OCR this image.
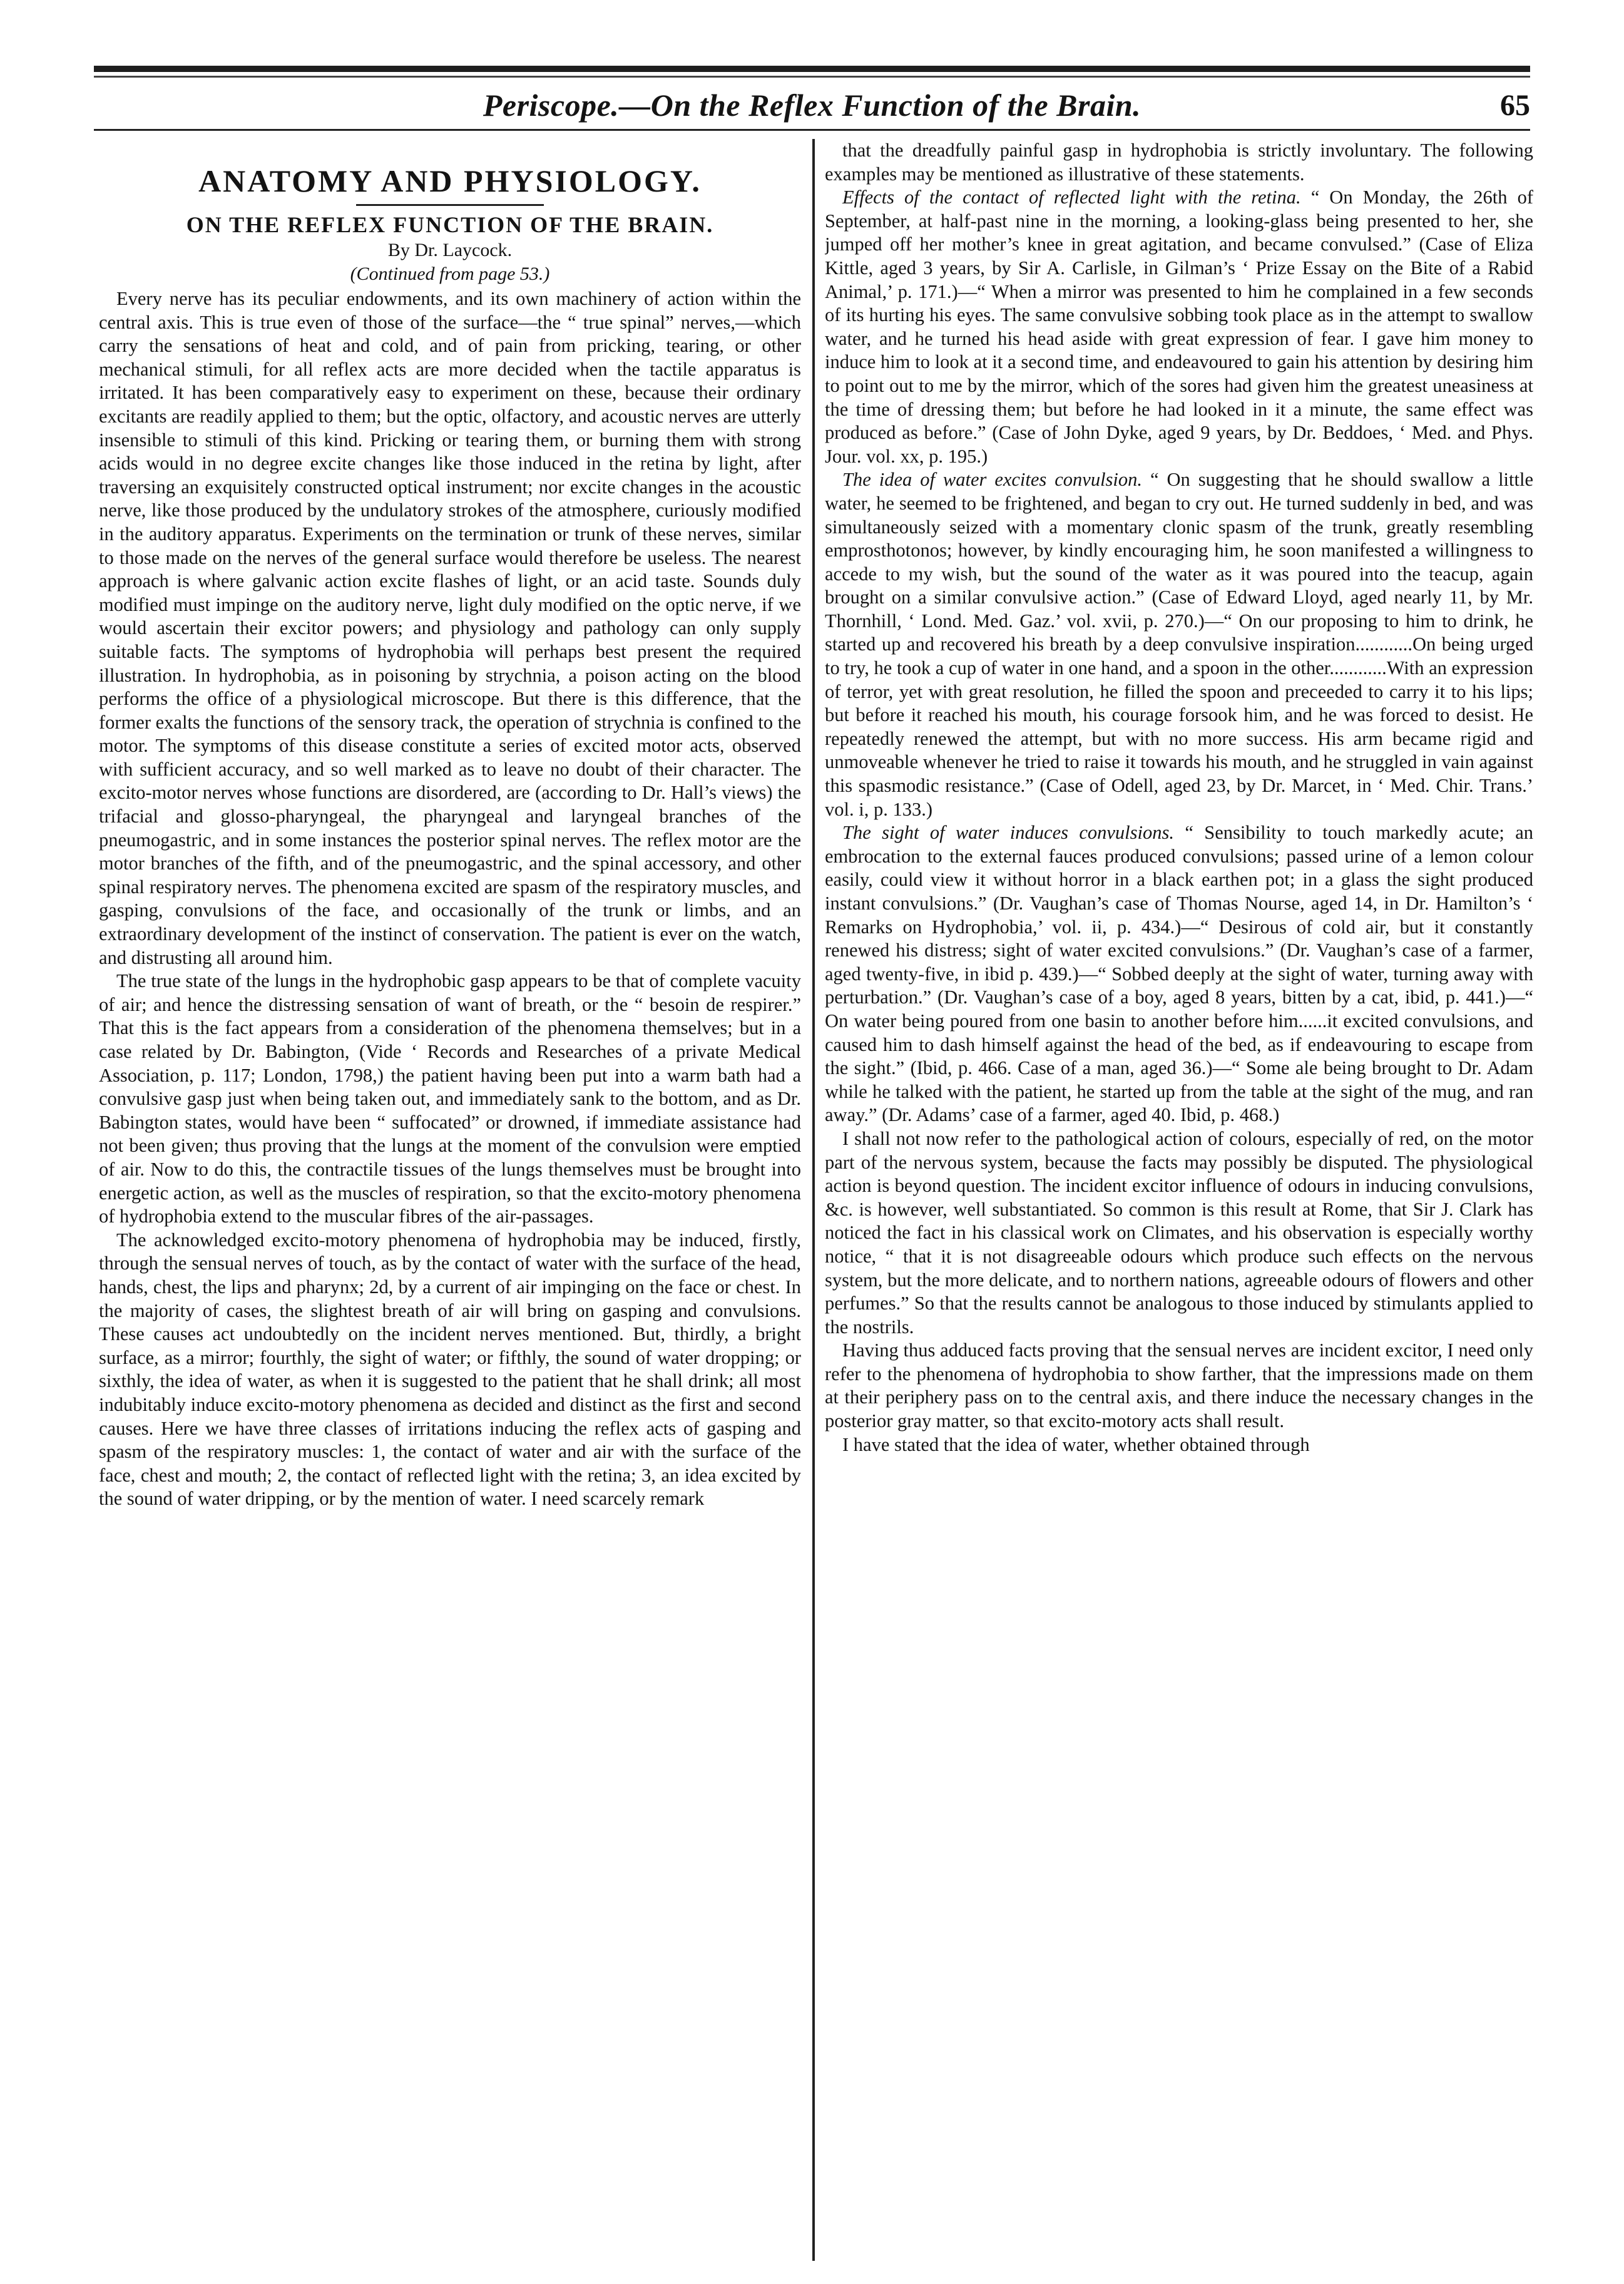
Periscope.—On the Reflex Function of the Brain.	65
ANATOMY AND PHYSIOLOGY.
ON THE REFLEX FUNCTION OF THE BRAIN.
By Dr. Laycock.
(Continued from page 53.)

Every nerve has its peculiar endowments, and its own machinery of action within the central axis. This is true even of those of the surface—the “ true spinal” nerves,—which carry the sensations of heat and cold, and of pain from pricking, tearing, or other mechanical stimuli, for all reflex acts are more decided when the tactile apparatus is irritated. It has been comparatively easy to experiment on these, because their ordinary excitants are readily applied to them; but the optic, olfactory, and acoustic nerves are utterly insensible to stimuli of this kind. Pricking or tearing them, or burning them with strong acids would in no degree excite changes like those induced in the retina by light, after traversing an exquisitely constructed optical instrument; nor excite changes in the acoustic nerve, like those produced by the undulatory strokes of the atmosphere, curiously modified in the auditory apparatus. Experiments on the termination or trunk of these nerves, similar to those made on the nerves of the general surface would therefore be useless. The nearest approach is where galvanic action excite flashes of light, or an acid taste. Sounds duly modified must impinge on the auditory nerve, light duly modified on the optic nerve, if we would ascertain their excitor powers; and physiology and pathology can only supply suitable facts. The symptoms of hydrophobia will perhaps best present the required illustration. In hydrophobia, as in poisoning by strychnia, a poison acting on the blood performs the office of a physiological microscope. But there is this difference, that the former exalts the functions of the sensory track, the operation of strychnia is confined to the motor. The symptoms of this disease constitute a series of excited motor acts, observed with sufficient accuracy, and so well marked as to leave no doubt of their character. The excito-motor nerves whose functions are disordered, are (according to Dr. Hall’s views) the trifacial and glosso-pharyngeal, the pharyngeal and laryngeal branches of the pneumogastric, and in some instances the posterior spinal nerves. The reflex motor are the motor branches of the fifth, and of the pneumogastric, and the spinal accessory, and other spinal respiratory nerves. The phenomena excited are spasm of the respiratory muscles, and gasping, convulsions of the face, and occasionally of the trunk or limbs, and an extraordinary development of the instinct of conservation. The patient is ever on the watch, and distrusting all around him.

The true state of the lungs in the hydrophobic gasp appears to be that of complete vacuity of air; and hence the distressing sensation of want of breath, or the “ besoin de respirer.” That this is the fact appears from a consideration of the phenomena themselves; but in a case related by Dr. Babington, (Vide ‘ Records and Researches of a private Medical Association, p. 117; London, 1798,) the patient having been put into a warm bath had a convulsive gasp just when being taken out, and immediately sank to the bottom, and as Dr. Babington states, would have been “ suffocated” or drowned, if immediate assistance had not been given; thus proving that the lungs at the moment of the convulsion were emptied of air. Now to do this, the contractile tissues of the lungs themselves must be brought into energetic action, as well as the muscles of respiration, so that the excito-motory phenomena of hydrophobia extend to the muscular fibres of the air-passages.

The acknowledged excito-motory phenomena of hydrophobia may be induced, firstly, through the sensual nerves of touch, as by the contact of water with the surface of the head, hands, chest, the lips and pharynx; 2d, by a current of air impinging on the face or chest. In the majority of cases, the slightest breath of air will bring on gasping and convulsions. These causes act undoubtedly on the incident nerves mentioned. But, thirdly, a bright surface, as a mirror; fourthly, the sight of water; or fifthly, the sound of water dropping; or sixthly, the idea of water, as when it is suggested to the patient that he shall drink; all most indubitably induce excito-motory phenomena as decided and distinct as the first and second causes. Here we have three classes of irritations inducing the reflex acts of gasping and spasm of the respiratory muscles: 1, the contact of water and air with the surface of the face, chest and mouth; 2, the contact of reflected light with the retina; 3, an idea excited by the sound of water dripping, or by the mention of water. I need scarcely remark

that the dreadfully painful gasp in hydrophobia is strictly involuntary. The following examples may be mentioned as illustrative of these statements.

Effects of the contact of reflected light with the retina. “ On Monday, the 26th of September, at half-past nine in the morning, a looking-glass being presented to her, she jumped off her mother’s knee in great agitation, and became convulsed.” (Case of Eliza Kittle, aged 3 years, by Sir A. Carlisle, in Gilman’s ‘ Prize Essay on the Bite of a Rabid Animal,’ p. 171.)—“ When a mirror was presented to him he complained in a few seconds of its hurting his eyes. The same convulsive sobbing took place as in the attempt to swallow water, and he turned his head aside with great expression of fear. I gave him money to induce him to look at it a second time, and endeavoured to gain his attention by desiring him to point out to me by the mirror, which of the sores had given him the greatest uneasiness at the time of dressing them; but before he had looked in it a minute, the same effect was produced as before.” (Case of John Dyke, aged 9 years, by Dr. Beddoes, ‘ Med. and Phys. Jour. vol. xx, p. 195.)

The idea of water excites convulsion. “ On suggesting that he should swallow a little water, he seemed to be frightened, and began to cry out. He turned suddenly in bed, and was simultaneously seized with a momentary clonic spasm of the trunk, greatly resembling emprosthotonos; however, by kindly encouraging him, he soon manifested a willingness to accede to my wish, but the sound of the water as it was poured into the teacup, again brought on a similar convulsive action.” (Case of Edward Lloyd, aged nearly 11, by Mr. Thornhill, ‘ Lond. Med. Gaz.’ vol. xvii, p. 270.)—“ On our proposing to him to drink, he started up and recovered his breath by a deep convulsive inspiration............On being urged to try, he took a cup of water in one hand, and a spoon in the other............With an expression of terror, yet with great resolution, he filled the spoon and preceeded to carry it to his lips; but before it reached his mouth, his courage forsook him, and he was forced to desist. He repeatedly renewed the attempt, but with no more success. His arm became rigid and unmoveable whenever he tried to raise it towards his mouth, and he struggled in vain against this spasmodic resistance.” (Case of Odell, aged 23, by Dr. Marcet, in ‘ Med. Chir. Trans.’ vol. i, p. 133.)

The sight of water induces convulsions. “ Sensibility to touch markedly acute; an embrocation to the external fauces produced convulsions; passed urine of a lemon colour easily, could view it without horror in a black earthen pot; in a glass the sight produced instant convulsions.” (Dr. Vaughan’s case of Thomas Nourse, aged 14, in Dr. Hamilton’s ‘ Remarks on Hydrophobia,’ vol. ii, p. 434.)—“ Desirous of cold air, but it constantly renewed his distress; sight of water excited convulsions.” (Dr. Vaughan’s case of a farmer, aged twenty-five, in ibid p. 439.)—“ Sobbed deeply at the sight of water, turning away with perturbation.” (Dr. Vaughan’s case of a boy, aged 8 years, bitten by a cat, ibid, p. 441.)—“ On water being poured from one basin to another before him......it excited convulsions, and caused him to dash himself against the head of the bed, as if endeavouring to escape from the sight.” (Ibid, p. 466. Case of a man, aged 36.)—“ Some ale being brought to Dr. Adam while he talked with the patient, he started up from the table at the sight of the mug, and ran away.” (Dr. Adams’ case of a farmer, aged 40. Ibid, p. 468.)

I shall not now refer to the pathological action of colours, especially of red, on the motor part of the nervous system, because the facts may possibly be disputed. The physiological action is beyond question. The incident excitor influence of odours in inducing convulsions, &c. is however, well substantiated. So common is this result at Rome, that Sir J. Clark has noticed the fact in his classical work on Climates, and his observation is especially worthy notice, “ that it is not disagreeable odours which produce such effects on the nervous system, but the more delicate, and to northern nations, agreeable odours of flowers and other perfumes.” So that the results cannot be analogous to those induced by stimulants applied to the nostrils.

Having thus adduced facts proving that the sensual nerves are incident excitor, I need only refer to the phenomena of hydrophobia to show farther, that the impressions made on them at their periphery pass on to the central axis, and there induce the necessary changes in the posterior gray matter, so that excito-motory acts shall result.

I have stated that the idea of water, whether obtained through
